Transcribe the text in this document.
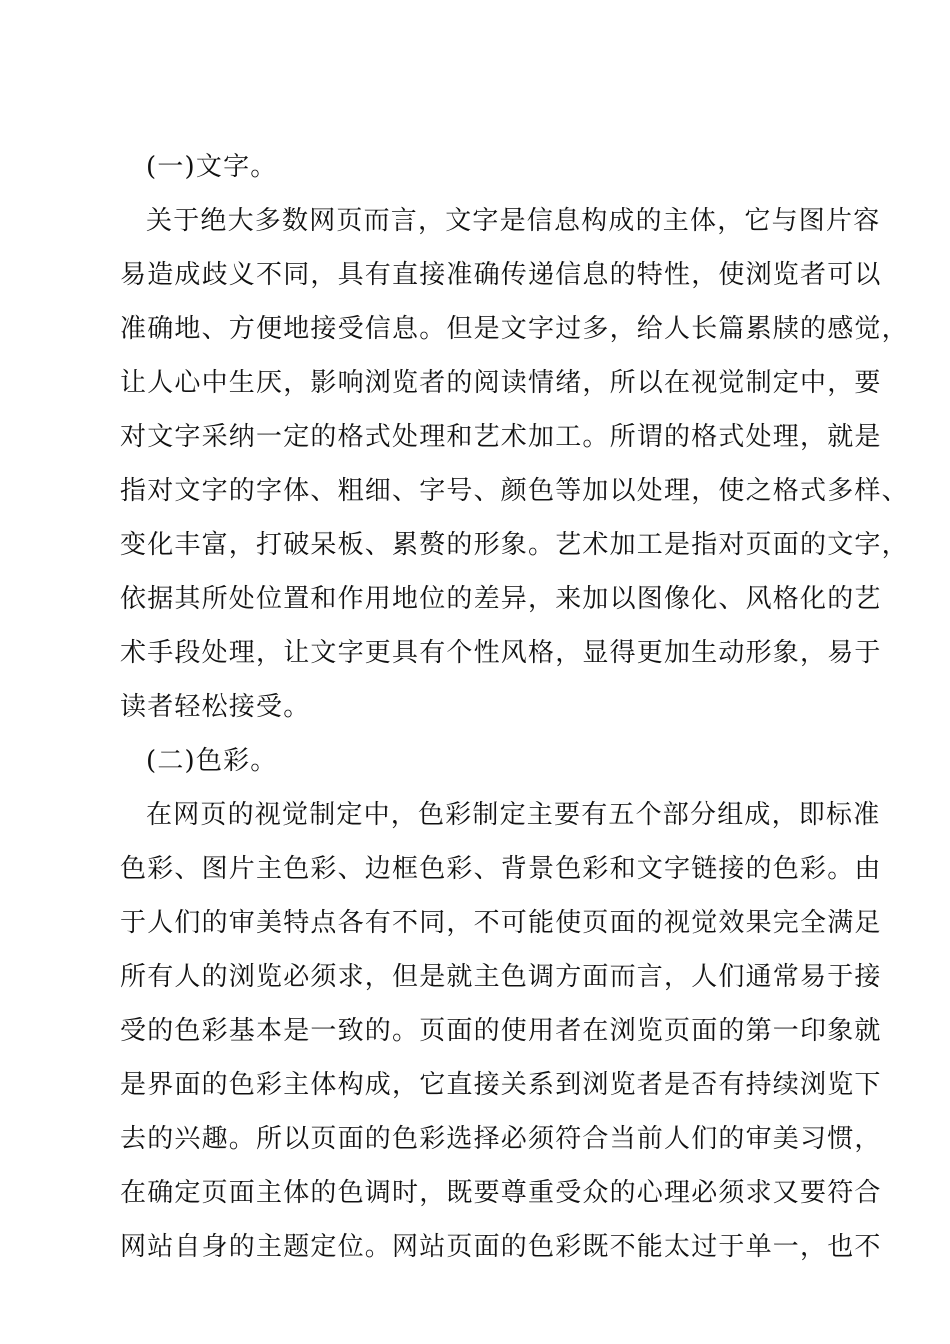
(一)文字。
关于绝大多数网页而言，文字是信息构成的主体，它与图片容
易造成歧义不同，具有直接准确传递信息的特性，使浏览者可以
准确地、方便地接受信息。但是文字过多，给人长篇累牍的感觉，
让人心中生厌，影响浏览者的阅读情绪，所以在视觉制定中，要
对文字采纳一定的格式处理和艺术加工。所谓的格式处理，就是
指对文字的字体、粗细、字号、颜色等加以处理，使之格式多样、
变化丰富，打破呆板、累赘的形象。艺术加工是指对页面的文字，
依据其所处位置和作用地位的差异，来加以图像化、风格化的艺
术手段处理，让文字更具有个性风格，显得更加生动形象，易于
读者轻松接受。
(二)色彩。
在网页的视觉制定中，色彩制定主要有五个部分组成，即标准
色彩、图片主色彩、边框色彩、背景色彩和文字链接的色彩。由
于人们的审美特点各有不同，不可能使页面的视觉效果完全满足
所有人的浏览必须求，但是就主色调方面而言，人们通常易于接
受的色彩基本是一致的。页面的使用者在浏览页面的第一印象就
是界面的色彩主体构成，它直接关系到浏览者是否有持续浏览下
去的兴趣。所以页面的色彩选择必须符合当前人们的审美习惯，
在确定页面主体的色调时，既要尊重受众的心理必须求又要符合
网站自身的主题定位。网站页面的色彩既不能太过于单一，也不
